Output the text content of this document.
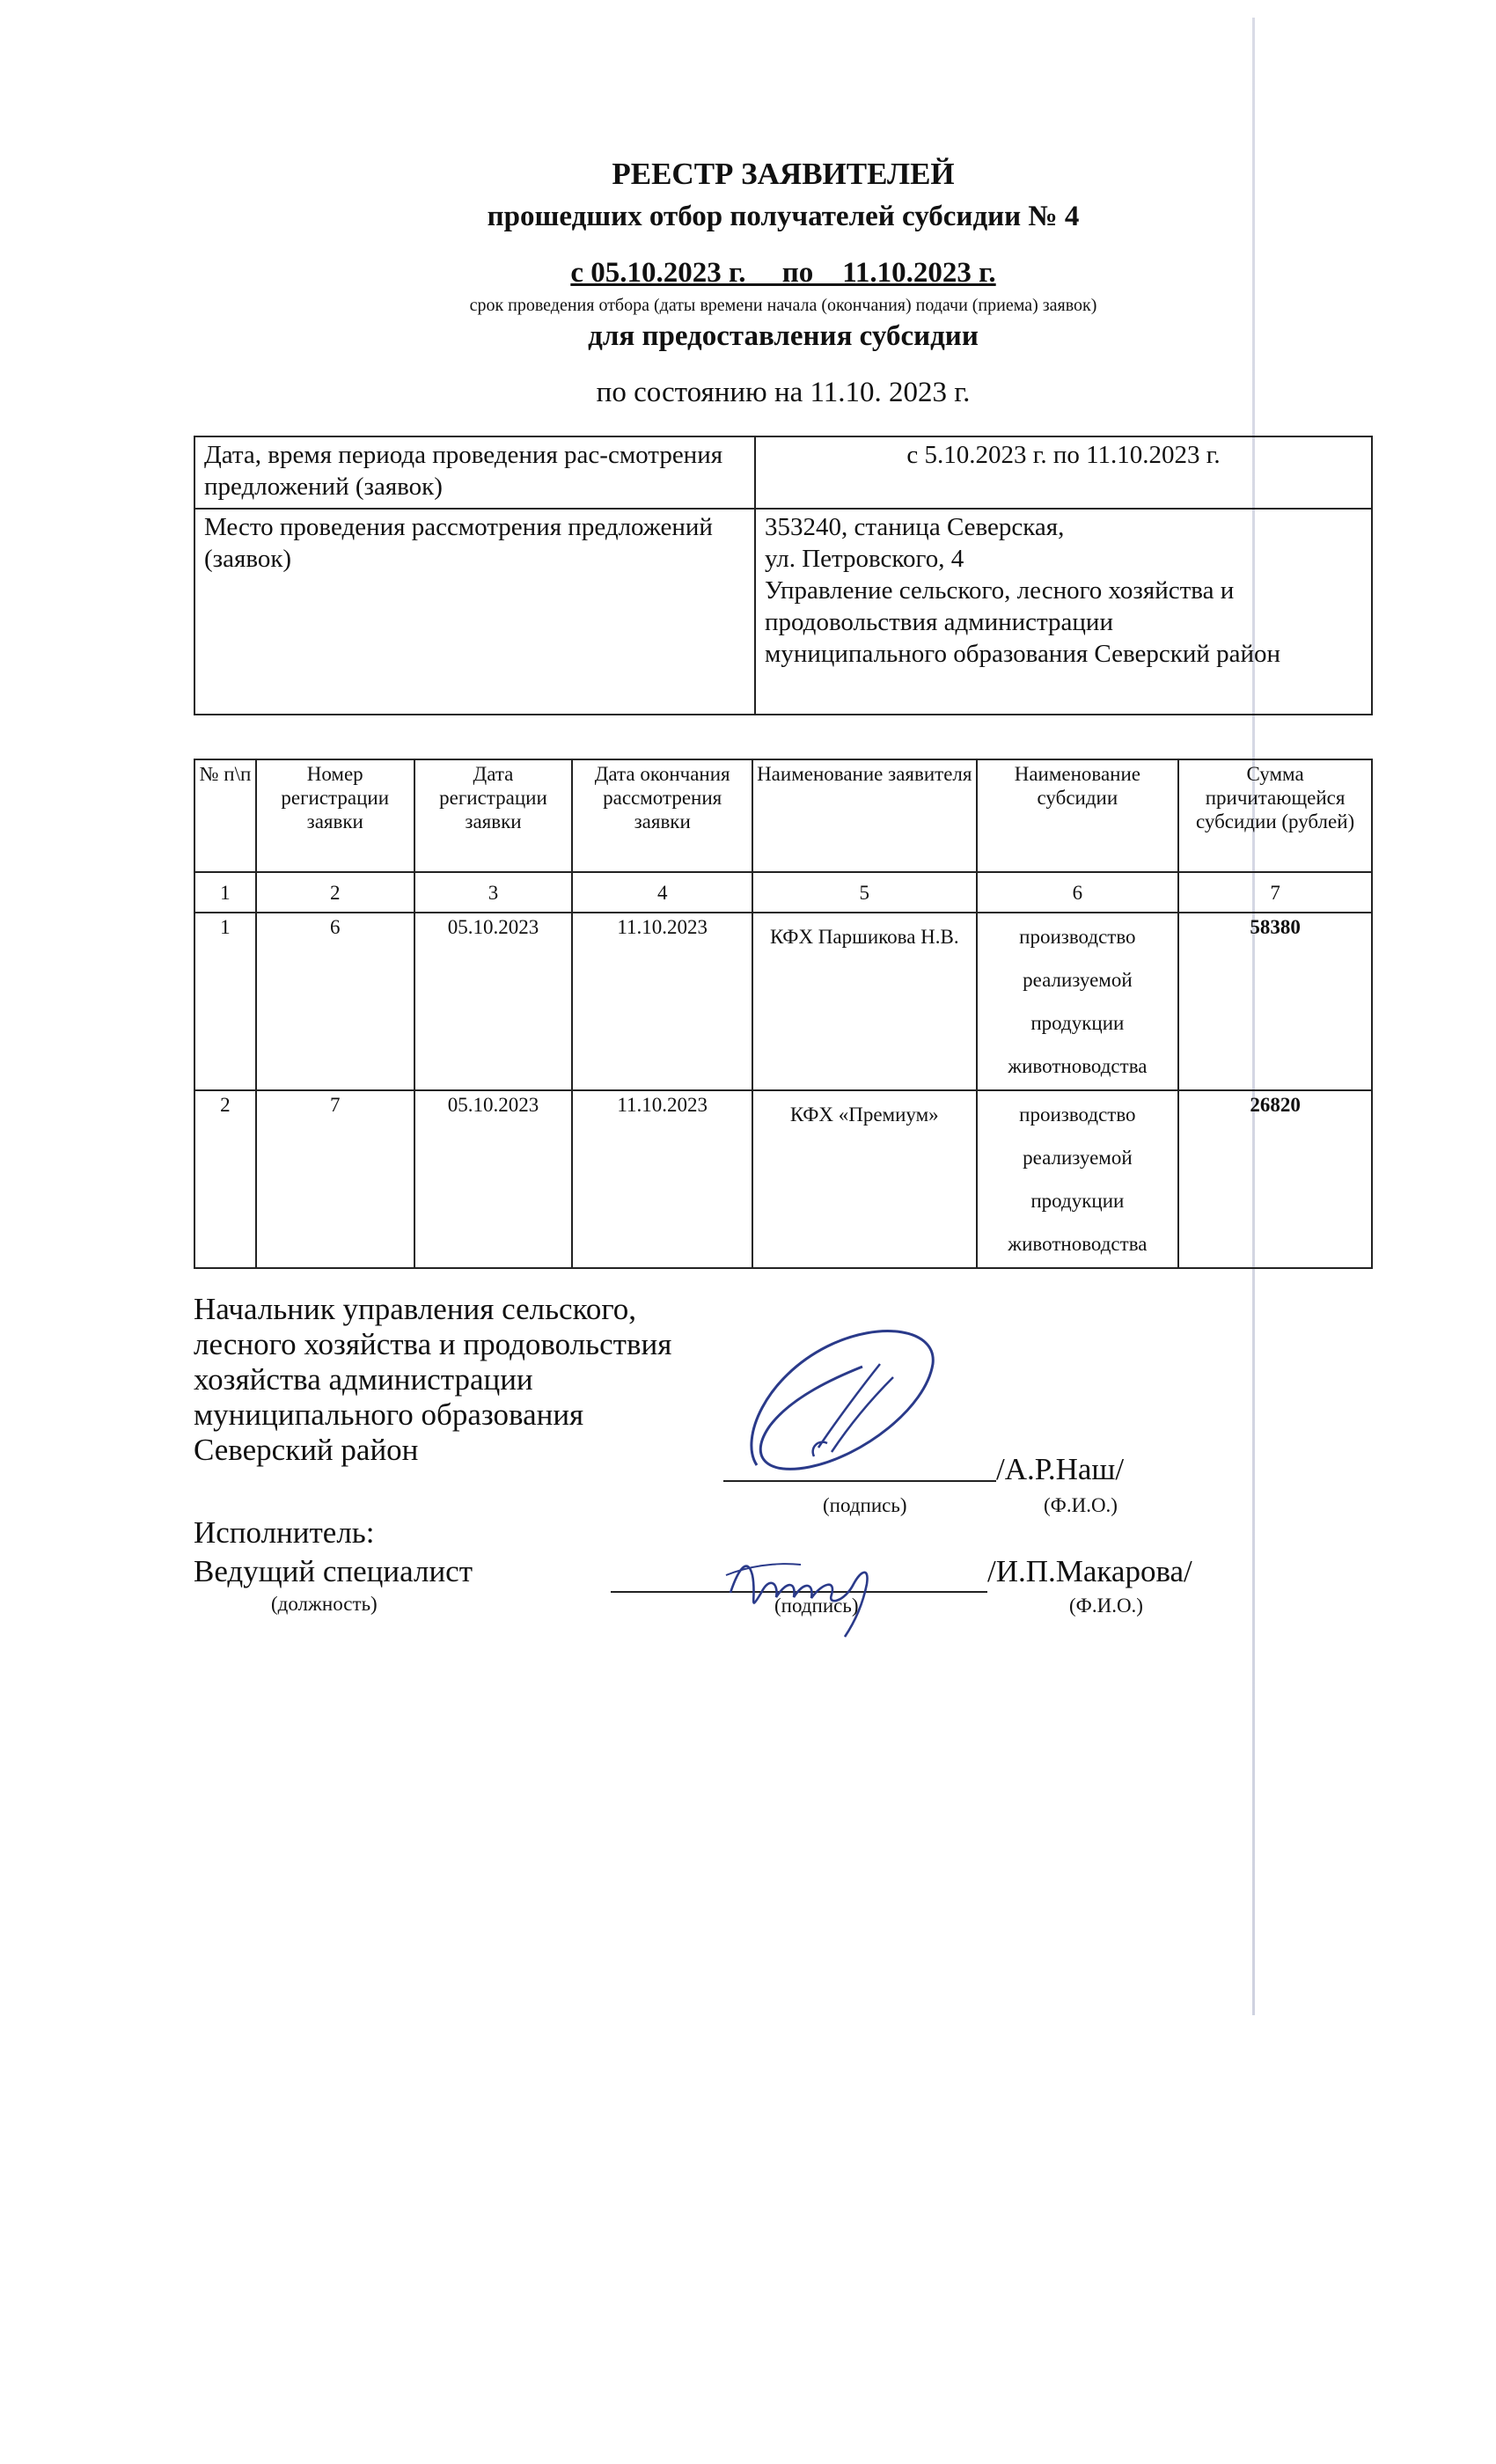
РЕЕСТР ЗАЯВИТЕЛЕЙ
прошедших отбор получателей субсидии № 4
с 05.10.2023 г.     по    11.10.2023 г.
срок проведения отбора (даты времени начала (окончания) подачи (приема) заявок)
для предоставления субсидии
по состоянию на 11.10. 2023 г.
Дата, время периода проведения рас-смотрения предложений (заявок)	с 5.10.2023 г. по 11.10.2023 г.
Место проведения рассмотрения предложений (заявок)	353240, станица Северская,
ул. Петровского, 4
Управление сельского, лесного хозяйства и
продовольствия администрации
муниципального образования Северский район
№ п\п	Номер регистрации заявки	Дата регистрации заявки	Дата окончания рассмотрения заявки	Наименование заявителя	Наименование субсидии	Сумма причитающейся субсидии (рублей)
1	2	3	4	5	6	7
1	6	05.10.2023	11.10.2023	КФХ Паршикова Н.В.	производство реализуемой продукции животноводства	58380
2	7	05.10.2023	11.10.2023	КФХ «Премиум»	производство реализуемой продукции животноводства	26820
Начальник управления сельского,
лесного хозяйства и продовольствия
хозяйства администрации
муниципального образования
Северский район
/А.Р.Наш/
(подпись)	(Ф.И.О.)
Исполнитель:
Ведущий специалист
(должность)
/И.П.Макарова/
(подпись)	(Ф.И.О.)
